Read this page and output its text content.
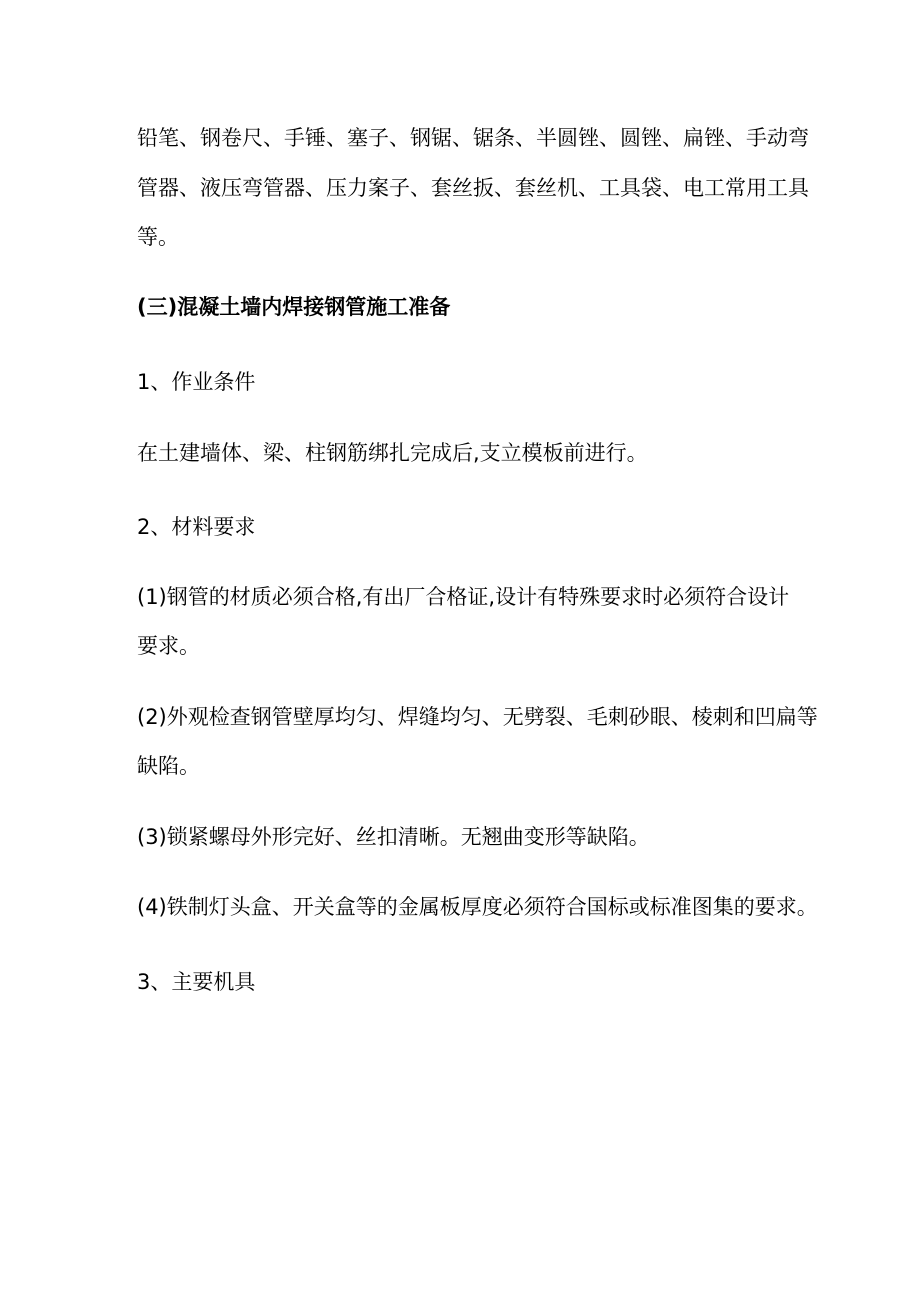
铅笔、钢卷尺、手锤、塞子、钢锯、锯条、半圆锉、圆锉、扁锉、手动弯
管器、液压弯管器、压力案子、套丝扳、套丝机、工具袋、电工常用工具
等。
(三)混凝土墙内焊接钢管施工准备
1、作业条件
在土建墙体、梁、柱钢筋绑扎完成后,支立模板前进行。
2、材料要求
(1)钢管的材质必须合格,有出厂合格证,设计有特殊要求时必须符合设计
要求。
(2)外观检查钢管壁厚均匀、焊缝均匀、无劈裂、毛刺砂眼、棱刺和凹扁等
缺陷。
(3)锁紧螺母外形完好、丝扣清晰。无翘曲变形等缺陷。
(4)铁制灯头盒、开关盒等的金属板厚度必须符合国标或标准图集的要求。
3、主要机具
